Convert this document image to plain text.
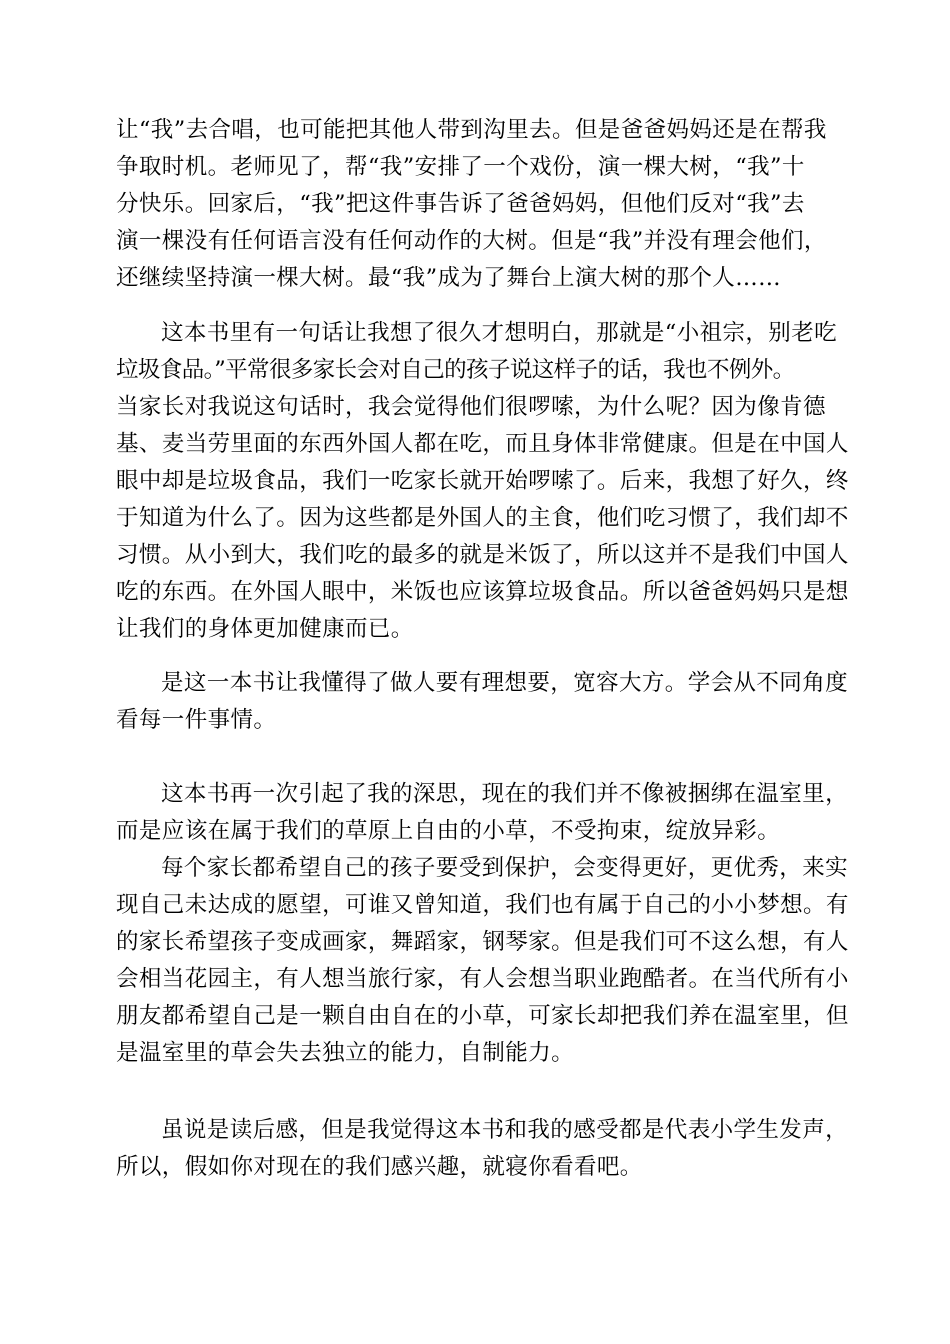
让“我”去合唱，也可能把其他人带到沟里去。但是爸爸妈妈还是在帮我
争取时机。老师见了，帮“我”安排了一个戏份，演一棵大树，“我”十
分快乐。回家后，“我”把这件事告诉了爸爸妈妈，但他们反对“我”去
演一棵没有任何语言没有任何动作的大树。但是“我”并没有理会他们，
还继续坚持演一棵大树。最“我”成为了舞台上演大树的那个人……
这本书里有一句话让我想了很久才想明白，那就是“小祖宗，别老吃
垃圾食品。”平常很多家长会对自己的孩子说这样子的话，我也不例外。
当家长对我说这句话时，我会觉得他们很啰嗦，为什么呢？因为像肯德
基、麦当劳里面的东西外国人都在吃，而且身体非常健康。但是在中国人
眼中却是垃圾食品，我们一吃家长就开始啰嗦了。后来，我想了好久，终
于知道为什么了。因为这些都是外国人的主食，他们吃习惯了，我们却不
习惯。从小到大，我们吃的最多的就是米饭了，所以这并不是我们中国人
吃的东西。在外国人眼中，米饭也应该算垃圾食品。所以爸爸妈妈只是想
让我们的身体更加健康而已。
是这一本书让我懂得了做人要有理想要，宽容大方。学会从不同角度
看每一件事情。
这本书再一次引起了我的深思，现在的我们并不像被捆绑在温室里，
而是应该在属于我们的草原上自由的小草，不受拘束，绽放异彩。
每个家长都希望自己的孩子要受到保护，会变得更好，更优秀，来实
现自己未达成的愿望，可谁又曾知道，我们也有属于自己的小小梦想。有
的家长希望孩子变成画家，舞蹈家，钢琴家。但是我们可不这么想，有人
会相当花园主，有人想当旅行家，有人会想当职业跑酷者。在当代所有小
朋友都希望自己是一颗自由自在的小草，可家长却把我们养在温室里，但
是温室里的草会失去独立的能力，自制能力。
虽说是读后感，但是我觉得这本书和我的感受都是代表小学生发声，
所以，假如你对现在的我们感兴趣，就寝你看看吧。
